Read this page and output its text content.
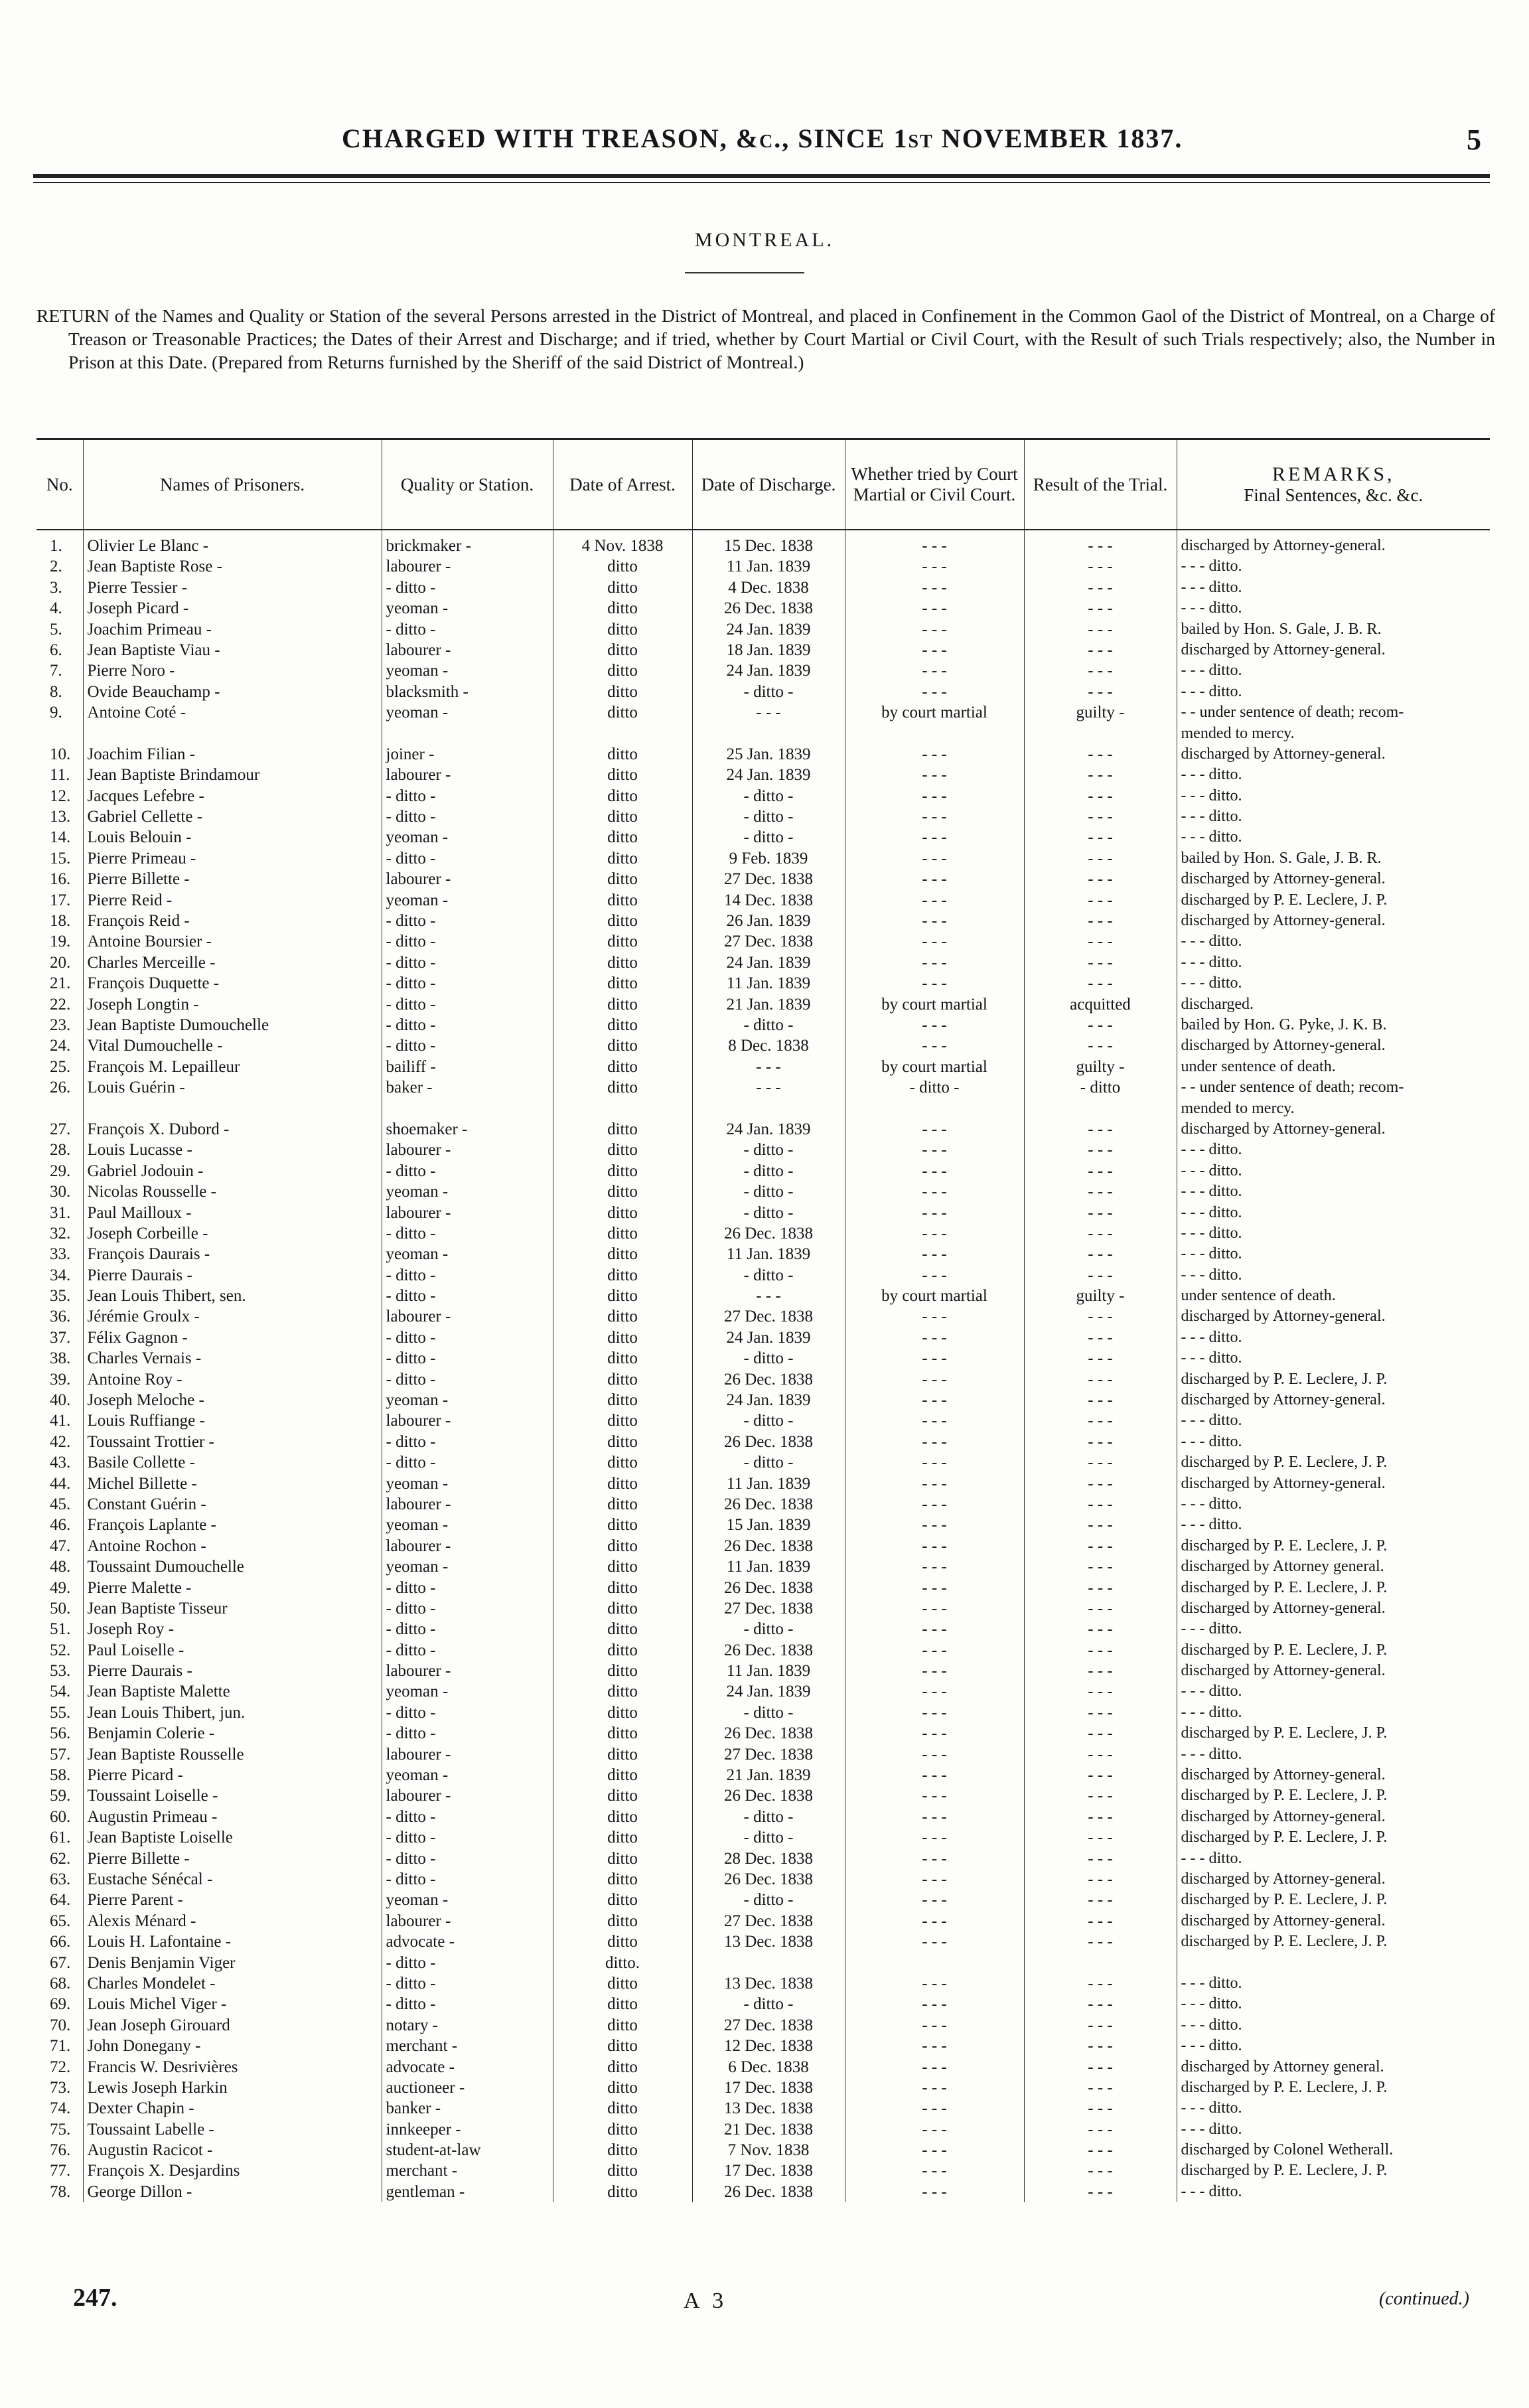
CHARGED WITH TREASON, &c., SINCE 1st NOVEMBER 1837.	5
MONTREAL.
RETURN of the Names and Quality or Station of the several Persons arrested in the District of Montreal, and placed in Confinement in the Common Gaol of the District of Montreal, on a Charge of Treason or Treasonable Practices; the Dates of their Arrest and Discharge; and if tried, whether by Court Martial or Civil Court, with the Result of such Trials respectively; also, the Number in Prison at this Date. (Prepared from Returns furnished by the Sheriff of the said District of Montreal.)
No.	Names of Prisoners.	Quality or Station.	Date of Arrest.	Date of Discharge.	Whether tried by Court Martial or Civil Court.	Result of the Trial.	REMARKS,
Final Sentences, &c. &c.
1.	Olivier Le Blanc -	brickmaker -	4 Nov. 1838	15 Dec. 1838	- - -	- - -	discharged by Attorney-general.
2.	Jean Baptiste Rose -	labourer -	ditto	11 Jan. 1839	- - -	- - -	- - - ditto.
3.	Pierre Tessier -	- ditto -	ditto	4 Dec. 1838	- - -	- - -	- - - ditto.
4.	Joseph Picard -	yeoman -	ditto	26 Dec. 1838	- - -	- - -	- - - ditto.
5.	Joachim Primeau -	- ditto -	ditto	24 Jan. 1839	- - -	- - -	bailed by Hon. S. Gale, J. B. R.
6.	Jean Baptiste Viau -	labourer -	ditto	18 Jan. 1839	- - -	- - -	discharged by Attorney-general.
7.	Pierre Noro -	yeoman -	ditto	24 Jan. 1839	- - -	- - -	- - - ditto.
8.	Ovide Beauchamp -	blacksmith -	ditto	- ditto -	- - -	- - -	- - - ditto.
9.	Antoine Coté -	yeoman -	ditto	- - -	by court martial	guilty -	- - under sentence of death; recom-
							mended to mercy.
10.	Joachim Filian -	joiner -	ditto	25 Jan. 1839	- - -	- - -	discharged by Attorney-general.
11.	Jean Baptiste Brindamour	labourer -	ditto	24 Jan. 1839	- - -	- - -	- - - ditto.
12.	Jacques Lefebre -	- ditto -	ditto	- ditto -	- - -	- - -	- - - ditto.
13.	Gabriel Cellette -	- ditto -	ditto	- ditto -	- - -	- - -	- - - ditto.
14.	Louis Belouin -	yeoman -	ditto	- ditto -	- - -	- - -	- - - ditto.
15.	Pierre Primeau -	- ditto -	ditto	9 Feb. 1839	- - -	- - -	bailed by Hon. S. Gale, J. B. R.
16.	Pierre Billette -	labourer -	ditto	27 Dec. 1838	- - -	- - -	discharged by Attorney-general.
17.	Pierre Reid -	yeoman -	ditto	14 Dec. 1838	- - -	- - -	discharged by P. E. Leclere, J. P.
18.	François Reid -	- ditto -	ditto	26 Jan. 1839	- - -	- - -	discharged by Attorney-general.
19.	Antoine Boursier -	- ditto -	ditto	27 Dec. 1838	- - -	- - -	- - - ditto.
20.	Charles Merceille -	- ditto -	ditto	24 Jan. 1839	- - -	- - -	- - - ditto.
21.	François Duquette -	- ditto -	ditto	11 Jan. 1839	- - -	- - -	- - - ditto.
22.	Joseph Longtin -	- ditto -	ditto	21 Jan. 1839	by court martial	acquitted	discharged.
23.	Jean Baptiste Dumouchelle	- ditto -	ditto	- ditto -	- - -	- - -	bailed by Hon. G. Pyke, J. K. B.
24.	Vital Dumouchelle -	- ditto -	ditto	8 Dec. 1838	- - -	- - -	discharged by Attorney-general.
25.	François M. Lepailleur	bailiff -	ditto	- - -	by court martial	guilty -	under sentence of death.
26.	Louis Guérin -	baker -	ditto	- - -	- ditto -	- ditto	- - under sentence of death; recom-
							mended to mercy.
27.	François X. Dubord -	shoemaker -	ditto	24 Jan. 1839	- - -	- - -	discharged by Attorney-general.
28.	Louis Lucasse -	labourer -	ditto	- ditto -	- - -	- - -	- - - ditto.
29.	Gabriel Jodouin -	- ditto -	ditto	- ditto -	- - -	- - -	- - - ditto.
30.	Nicolas Rousselle -	yeoman -	ditto	- ditto -	- - -	- - -	- - - ditto.
31.	Paul Mailloux -	labourer -	ditto	- ditto -	- - -	- - -	- - - ditto.
32.	Joseph Corbeille -	- ditto -	ditto	26 Dec. 1838	- - -	- - -	- - - ditto.
33.	François Daurais -	yeoman -	ditto	11 Jan. 1839	- - -	- - -	- - - ditto.
34.	Pierre Daurais -	- ditto -	ditto	- ditto -	- - -	- - -	- - - ditto.
35.	Jean Louis Thibert, sen.	- ditto -	ditto	- - -	by court martial	guilty -	under sentence of death.
36.	Jérémie Groulx -	labourer -	ditto	27 Dec. 1838	- - -	- - -	discharged by Attorney-general.
37.	Félix Gagnon -	- ditto -	ditto	24 Jan. 1839	- - -	- - -	- - - ditto.
38.	Charles Vernais -	- ditto -	ditto	- ditto -	- - -	- - -	- - - ditto.
39.	Antoine Roy -	- ditto -	ditto	26 Dec. 1838	- - -	- - -	discharged by P. E. Leclere, J. P.
40.	Joseph Meloche -	yeoman -	ditto	24 Jan. 1839	- - -	- - -	discharged by Attorney-general.
41.	Louis Ruffiange -	labourer -	ditto	- ditto -	- - -	- - -	- - - ditto.
42.	Toussaint Trottier -	- ditto -	ditto	26 Dec. 1838	- - -	- - -	- - - ditto.
43.	Basile Collette -	- ditto -	ditto	- ditto -	- - -	- - -	discharged by P. E. Leclere, J. P.
44.	Michel Billette -	yeoman -	ditto	11 Jan. 1839	- - -	- - -	discharged by Attorney-general.
45.	Constant Guérin -	labourer -	ditto	26 Dec. 1838	- - -	- - -	- - - ditto.
46.	François Laplante -	yeoman -	ditto	15 Jan. 1839	- - -	- - -	- - - ditto.
47.	Antoine Rochon -	labourer -	ditto	26 Dec. 1838	- - -	- - -	discharged by P. E. Leclere, J. P.
48.	Toussaint Dumouchelle	yeoman -	ditto	11 Jan. 1839	- - -	- - -	discharged by Attorney general.
49.	Pierre Malette -	- ditto -	ditto	26 Dec. 1838	- - -	- - -	discharged by P. E. Leclere, J. P.
50.	Jean Baptiste Tisseur	- ditto -	ditto	27 Dec. 1838	- - -	- - -	discharged by Attorney-general.
51.	Joseph Roy -	- ditto -	ditto	- ditto -	- - -	- - -	- - - ditto.
52.	Paul Loiselle -	- ditto -	ditto	26 Dec. 1838	- - -	- - -	discharged by P. E. Leclere, J. P.
53.	Pierre Daurais -	labourer -	ditto	11 Jan. 1839	- - -	- - -	discharged by Attorney-general.
54.	Jean Baptiste Malette	yeoman -	ditto	24 Jan. 1839	- - -	- - -	- - - ditto.
55.	Jean Louis Thibert, jun.	- ditto -	ditto	- ditto -	- - -	- - -	- - - ditto.
56.	Benjamin Colerie -	- ditto -	ditto	26 Dec. 1838	- - -	- - -	discharged by P. E. Leclere, J. P.
57.	Jean Baptiste Rousselle	labourer -	ditto	27 Dec. 1838	- - -	- - -	- - - ditto.
58.	Pierre Picard -	yeoman -	ditto	21 Jan. 1839	- - -	- - -	discharged by Attorney-general.
59.	Toussaint Loiselle -	labourer -	ditto	26 Dec. 1838	- - -	- - -	discharged by P. E. Leclere, J. P.
60.	Augustin Primeau -	- ditto -	ditto	- ditto -	- - -	- - -	discharged by Attorney-general.
61.	Jean Baptiste Loiselle	- ditto -	ditto	- ditto -	- - -	- - -	discharged by P. E. Leclere, J. P.
62.	Pierre Billette -	- ditto -	ditto	28 Dec. 1838	- - -	- - -	- - - ditto.
63.	Eustache Sénécal -	- ditto -	ditto	26 Dec. 1838	- - -	- - -	discharged by Attorney-general.
64.	Pierre Parent -	yeoman -	ditto	- ditto -	- - -	- - -	discharged by P. E. Leclere, J. P.
65.	Alexis Ménard -	labourer -	ditto	27 Dec. 1838	- - -	- - -	discharged by Attorney-general.
66.	Louis H. Lafontaine -	advocate -	ditto	13 Dec. 1838	- - -	- - -	discharged by P. E. Leclere, J. P.
67.	Denis Benjamin Viger	- ditto -	ditto.				
68.	Charles Mondelet -	- ditto -	ditto	13 Dec. 1838	- - -	- - -	- - - ditto.
69.	Louis Michel Viger -	- ditto -	ditto	- ditto -	- - -	- - -	- - - ditto.
70.	Jean Joseph Girouard	notary -	ditto	27 Dec. 1838	- - -	- - -	- - - ditto.
71.	John Donegany -	merchant -	ditto	12 Dec. 1838	- - -	- - -	- - - ditto.
72.	Francis W. Desrivières	advocate -	ditto	6 Dec. 1838	- - -	- - -	discharged by Attorney general.
73.	Lewis Joseph Harkin	auctioneer -	ditto	17 Dec. 1838	- - -	- - -	discharged by P. E. Leclere, J. P.
74.	Dexter Chapin -	banker -	ditto	13 Dec. 1838	- - -	- - -	- - - ditto.
75.	Toussaint Labelle -	innkeeper -	ditto	21 Dec. 1838	- - -	- - -	- - - ditto.
76.	Augustin Racicot -	student-at-law	ditto	7 Nov. 1838	- - -	- - -	discharged by Colonel Wetherall.
77.	François X. Desjardins	merchant -	ditto	17 Dec. 1838	- - -	- - -	discharged by P. E. Leclere, J. P.
78.	George Dillon -	gentleman -	ditto	26 Dec. 1838	- - -	- - -	- - - ditto.
247.	A 3	(continued.)
